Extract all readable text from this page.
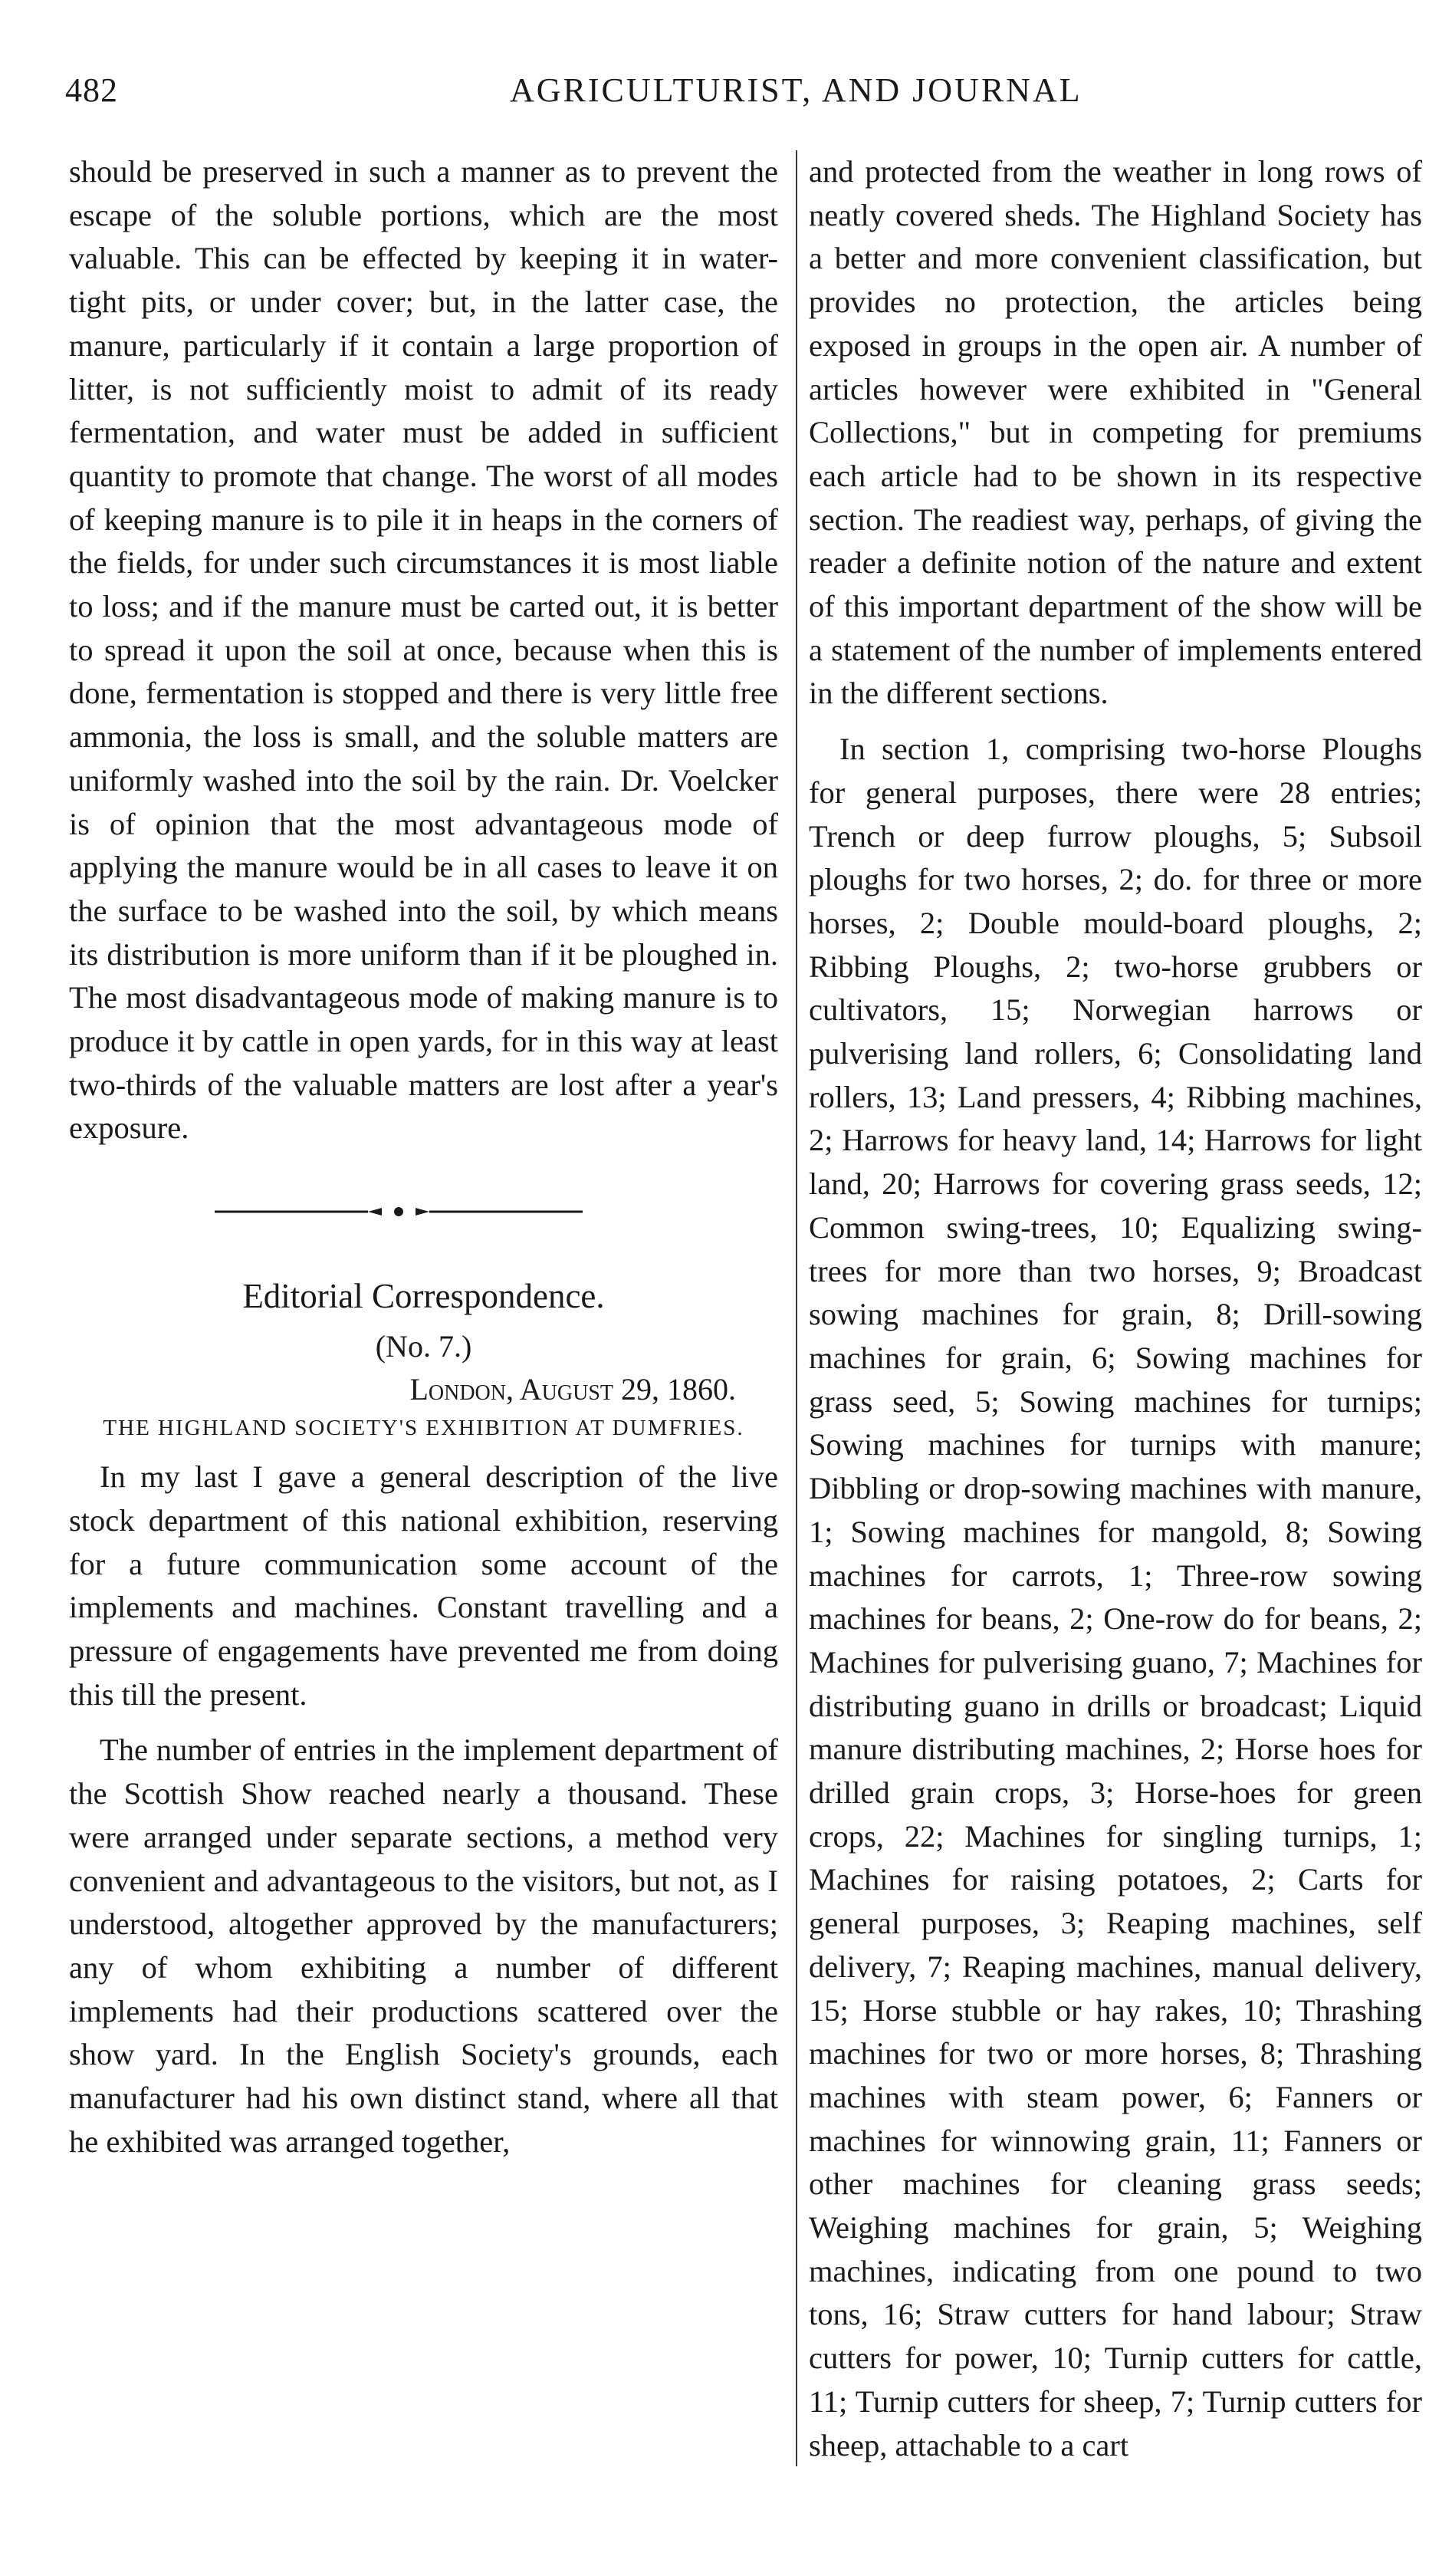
482	AGRICULTURIST, AND JOURNAL

should be preserved in such a manner as to prevent the escape of the soluble portions, which are the most valuable. This can be effected by keeping it in water-tight pits, or under cover; but, in the latter case, the manure, particularly if it contain a large proportion of litter, is not sufficiently moist to admit of its ready fermentation, and water must be added in sufficient quantity to promote that change. The worst of all modes of keeping manure is to pile it in heaps in the corners of the fields, for under such circumstances it is most liable to loss; and if the manure must be carted out, it is better to spread it upon the soil at once, because when this is done, fermentation is stopped and there is very little free ammonia, the loss is small, and the soluble matters are uniformly washed into the soil by the rain. Dr. Voelcker is of opinion that the most advantageous mode of applying the manure would be in all cases to leave it on the surface to be washed into the soil, by which means its distribution is more uniform than if it be ploughed in. The most disadvantageous mode of making manure is to produce it by cattle in open yards, for in this way at least two-thirds of the valuable matters are lost after a year's exposure.

Editorial Correspondence.
(No. 7.)
London, August 29, 1860.
THE HIGHLAND SOCIETY'S EXHIBITION AT DUMFRIES.

In my last I gave a general description of the live stock department of this national exhibition, reserving for a future communication some account of the implements and machines. Constant travelling and a pressure of engagements have prevented me from doing this till the present.

The number of entries in the implement department of the Scottish Show reached nearly a thousand. These were arranged under separate sections, a method very convenient and advantageous to the visitors, but not, as I understood, altogether approved by the manufacturers; any of whom exhibiting a number of different implements had their productions scattered over the show yard. In the English Society's grounds, each manufacturer had his own distinct stand, where all that he exhibited was arranged together,

and protected from the weather in long rows of neatly covered sheds. The Highland Society has a better and more convenient classification, but provides no protection, the articles being exposed in groups in the open air. A number of articles however were exhibited in "General Collections," but in competing for premiums each article had to be shown in its respective section. The readiest way, perhaps, of giving the reader a definite notion of the nature and extent of this important department of the show will be a statement of the number of implements entered in the different sections.

In section 1, comprising two-horse Ploughs for general purposes, there were 28 entries; Trench or deep furrow ploughs, 5; Subsoil ploughs for two horses, 2; do. for three or more horses, 2; Double mould-board ploughs, 2; Ribbing Ploughs, 2; two-horse grubbers or cultivators, 15; Norwegian harrows or pulverising land rollers, 6; Consolidating land rollers, 13; Land pressers, 4; Ribbing machines, 2; Harrows for heavy land, 14; Harrows for light land, 20; Harrows for covering grass seeds, 12; Common swing-trees, 10; Equalizing swing-trees for more than two horses, 9; Broadcast sowing machines for grain, 8; Drill-sowing machines for grain, 6; Sowing machines for grass seed, 5; Sowing machines for turnips; Sowing machines for turnips with manure; Dibbling or drop-sowing machines with manure, 1; Sowing machines for mangold, 8; Sowing machines for carrots, 1; Three-row sowing machines for beans, 2; One-row do for beans, 2; Machines for pulverising guano, 7; Machines for distributing guano in drills or broadcast; Liquid manure distributing machines, 2; Horse hoes for drilled grain crops, 3; Horse-hoes for green crops, 22; Machines for singling turnips, 1; Machines for raising potatoes, 2; Carts for general purposes, 3; Reaping machines, self delivery, 7; Reaping machines, manual delivery, 15; Horse stubble or hay rakes, 10; Thrashing machines for two or more horses, 8; Thrashing machines with steam power, 6; Fanners or machines for winnowing grain, 11; Fanners or other machines for cleaning grass seeds; Weighing machines for grain, 5; Weighing machines, indicating from one pound to two tons, 16; Straw cutters for hand labour; Straw cutters for power, 10; Turnip cutters for cattle, 11; Turnip cutters for sheep, 7; Turnip cutters for sheep, attachable to a cart
